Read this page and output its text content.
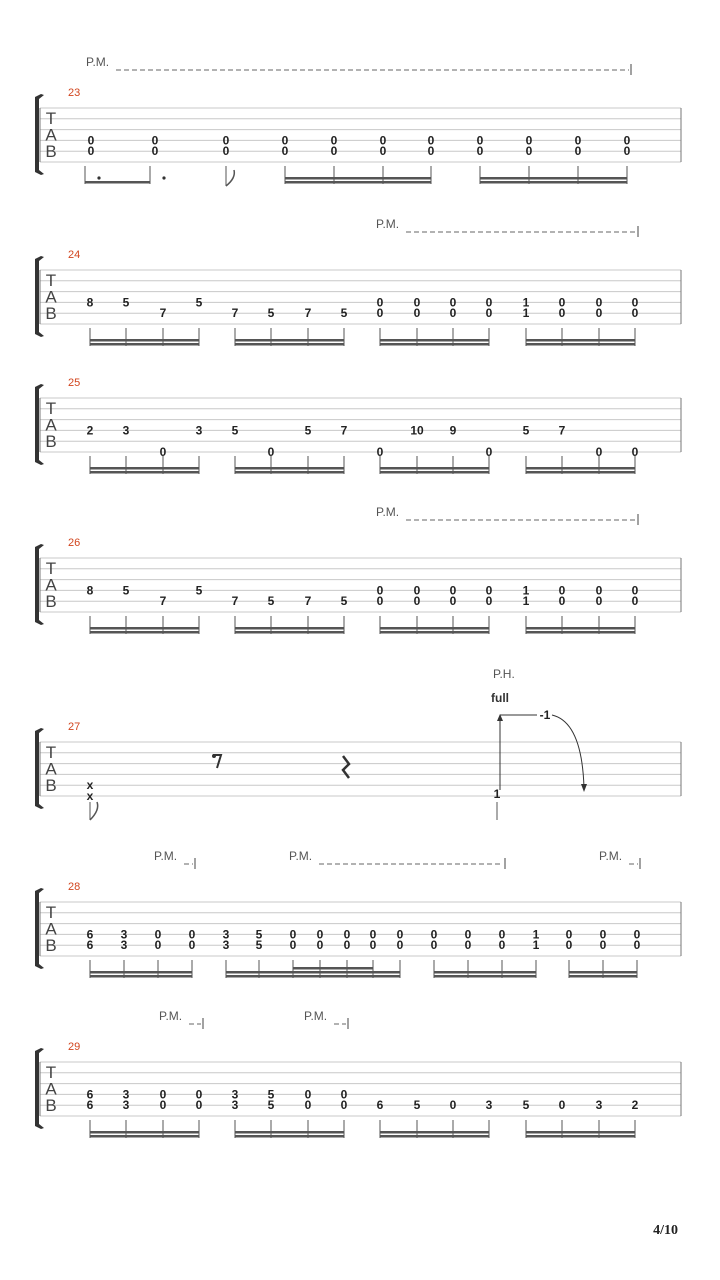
T
A
B
23
P.M.
0
0
0
0
0
0
0
0
0
0
0
0
0
0
0
0
0
0
0
0
0
0
T
A
B
24
P.M.
8 5
7
5
7 5	7 5
0
0
0
0
0
0
0
0
1
1
0
0
0
0
0
0
T
A
B
25
2 3
0
3 5
0
5 7
0
10 9
0
5 7
0 0
T
A
B
26
P.M.
8 5
7
5
7 5	7 5
0
0
0
0
0
0
0
0
1
1
0
0
0
0
0
0
T
A
B
27
x
x
P.H.
full
1
-1
T
A
B
28
P.M.	P.M.	P.M.
6
6
3
3
0
0
0
0
3
3
5
5
0
0
0
0
0
0
0
0
0
0
0
0
0
0
0
0
1
1
0
0
0
0
0
0
T
A
B
29
P.M.	P.M.
6
6
3
3
0
0
0
0
3
3
5
5
0
0
0
0 6	5 0 3	5 0	3 2
4/10
